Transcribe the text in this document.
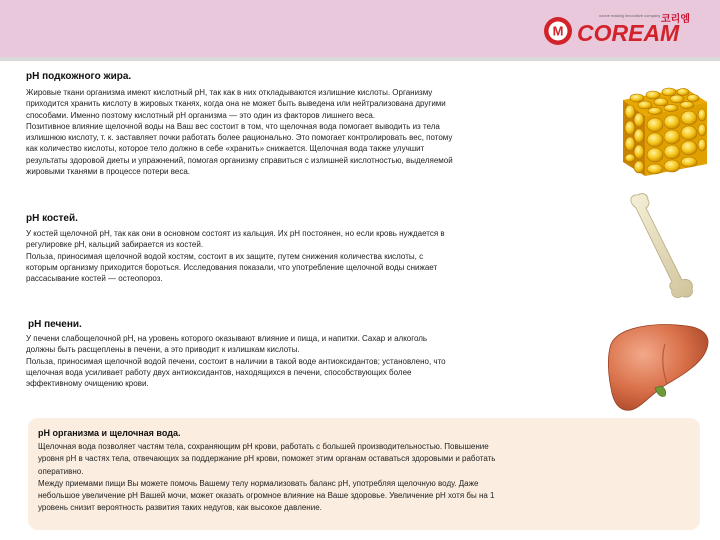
M
ozone making innovative company 코리엠
COREAM
pH подкожного жира.
Жировые ткани организма имеют кислотный pH, так как в них откладываются излишние кислоты. Организму
приходится хранить кислоту в жировых тканях, когда она не может быть выведена или нейтрализована другими
способами. Именно поэтому кислотный pH организма — это один из факторов лишнего веса.
Позитивное влияние щелочной воды на Ваш вес состоит в том, что щелочная вода помогает выводить из тела
излишнюю кислоту, т. к. заставляет почки работать более рационально. Это помогает контролировать вес, потому
как количество кислоты, которое тело должно в себе «хранить» снижается. Щелочная вода также улучшит
результаты здоровой диеты и упражнений, помогая организму справиться с излишней кислотностью, выделяемой
жировыми тканями в процессе потери веса.
pH костей.
У костей щелочной pH, так как они в основном состоят из кальция. Их pH постоянен, но если кровь нуждается в
регулировке pH, кальций забирается из костей.
Польза, приносимая щелочной водой костям, состоит в их защите, путем снижения количества кислоты, с
которым организму приходится бороться. Исследования показали, что употребление щелочной воды снижает
рассасывание костей — остеопороз.
pH печени.
У печени слабощелочной pH, на уровень которого оказывают влияние и пища, и напитки. Сахар и алкоголь
должны быть расщеплены в печени, а это приводит к излишкам кислоты.
Польза, приносимая щелочной водой печени, состоит в наличии в такой воде антиоксидантов; установлено, что
щелочная вода усиливает работу двух антиоксидантов, находящихся в печени, способствующих более
эффективному очищению крови.
pH организма и щелочная вода.
Щелочная вода позволяет частям тела, сохраняющим pH крови, работать с большей производительностью. Повышение
уровня pH в частях тела, отвечающих за поддержание pH крови, поможет этим органам оставаться здоровыми и работать
оперативно.
Между приемами пищи Вы можете помочь Вашему телу нормализовать баланс pH, употребляя щелочную воду. Даже
небольшое увеличение pH Вашей мочи, может оказать огромное влияние на Ваше здоровье. Увеличение pH хотя бы на 1
уровень снизит вероятность развития таких недугов, как высокое давление.
